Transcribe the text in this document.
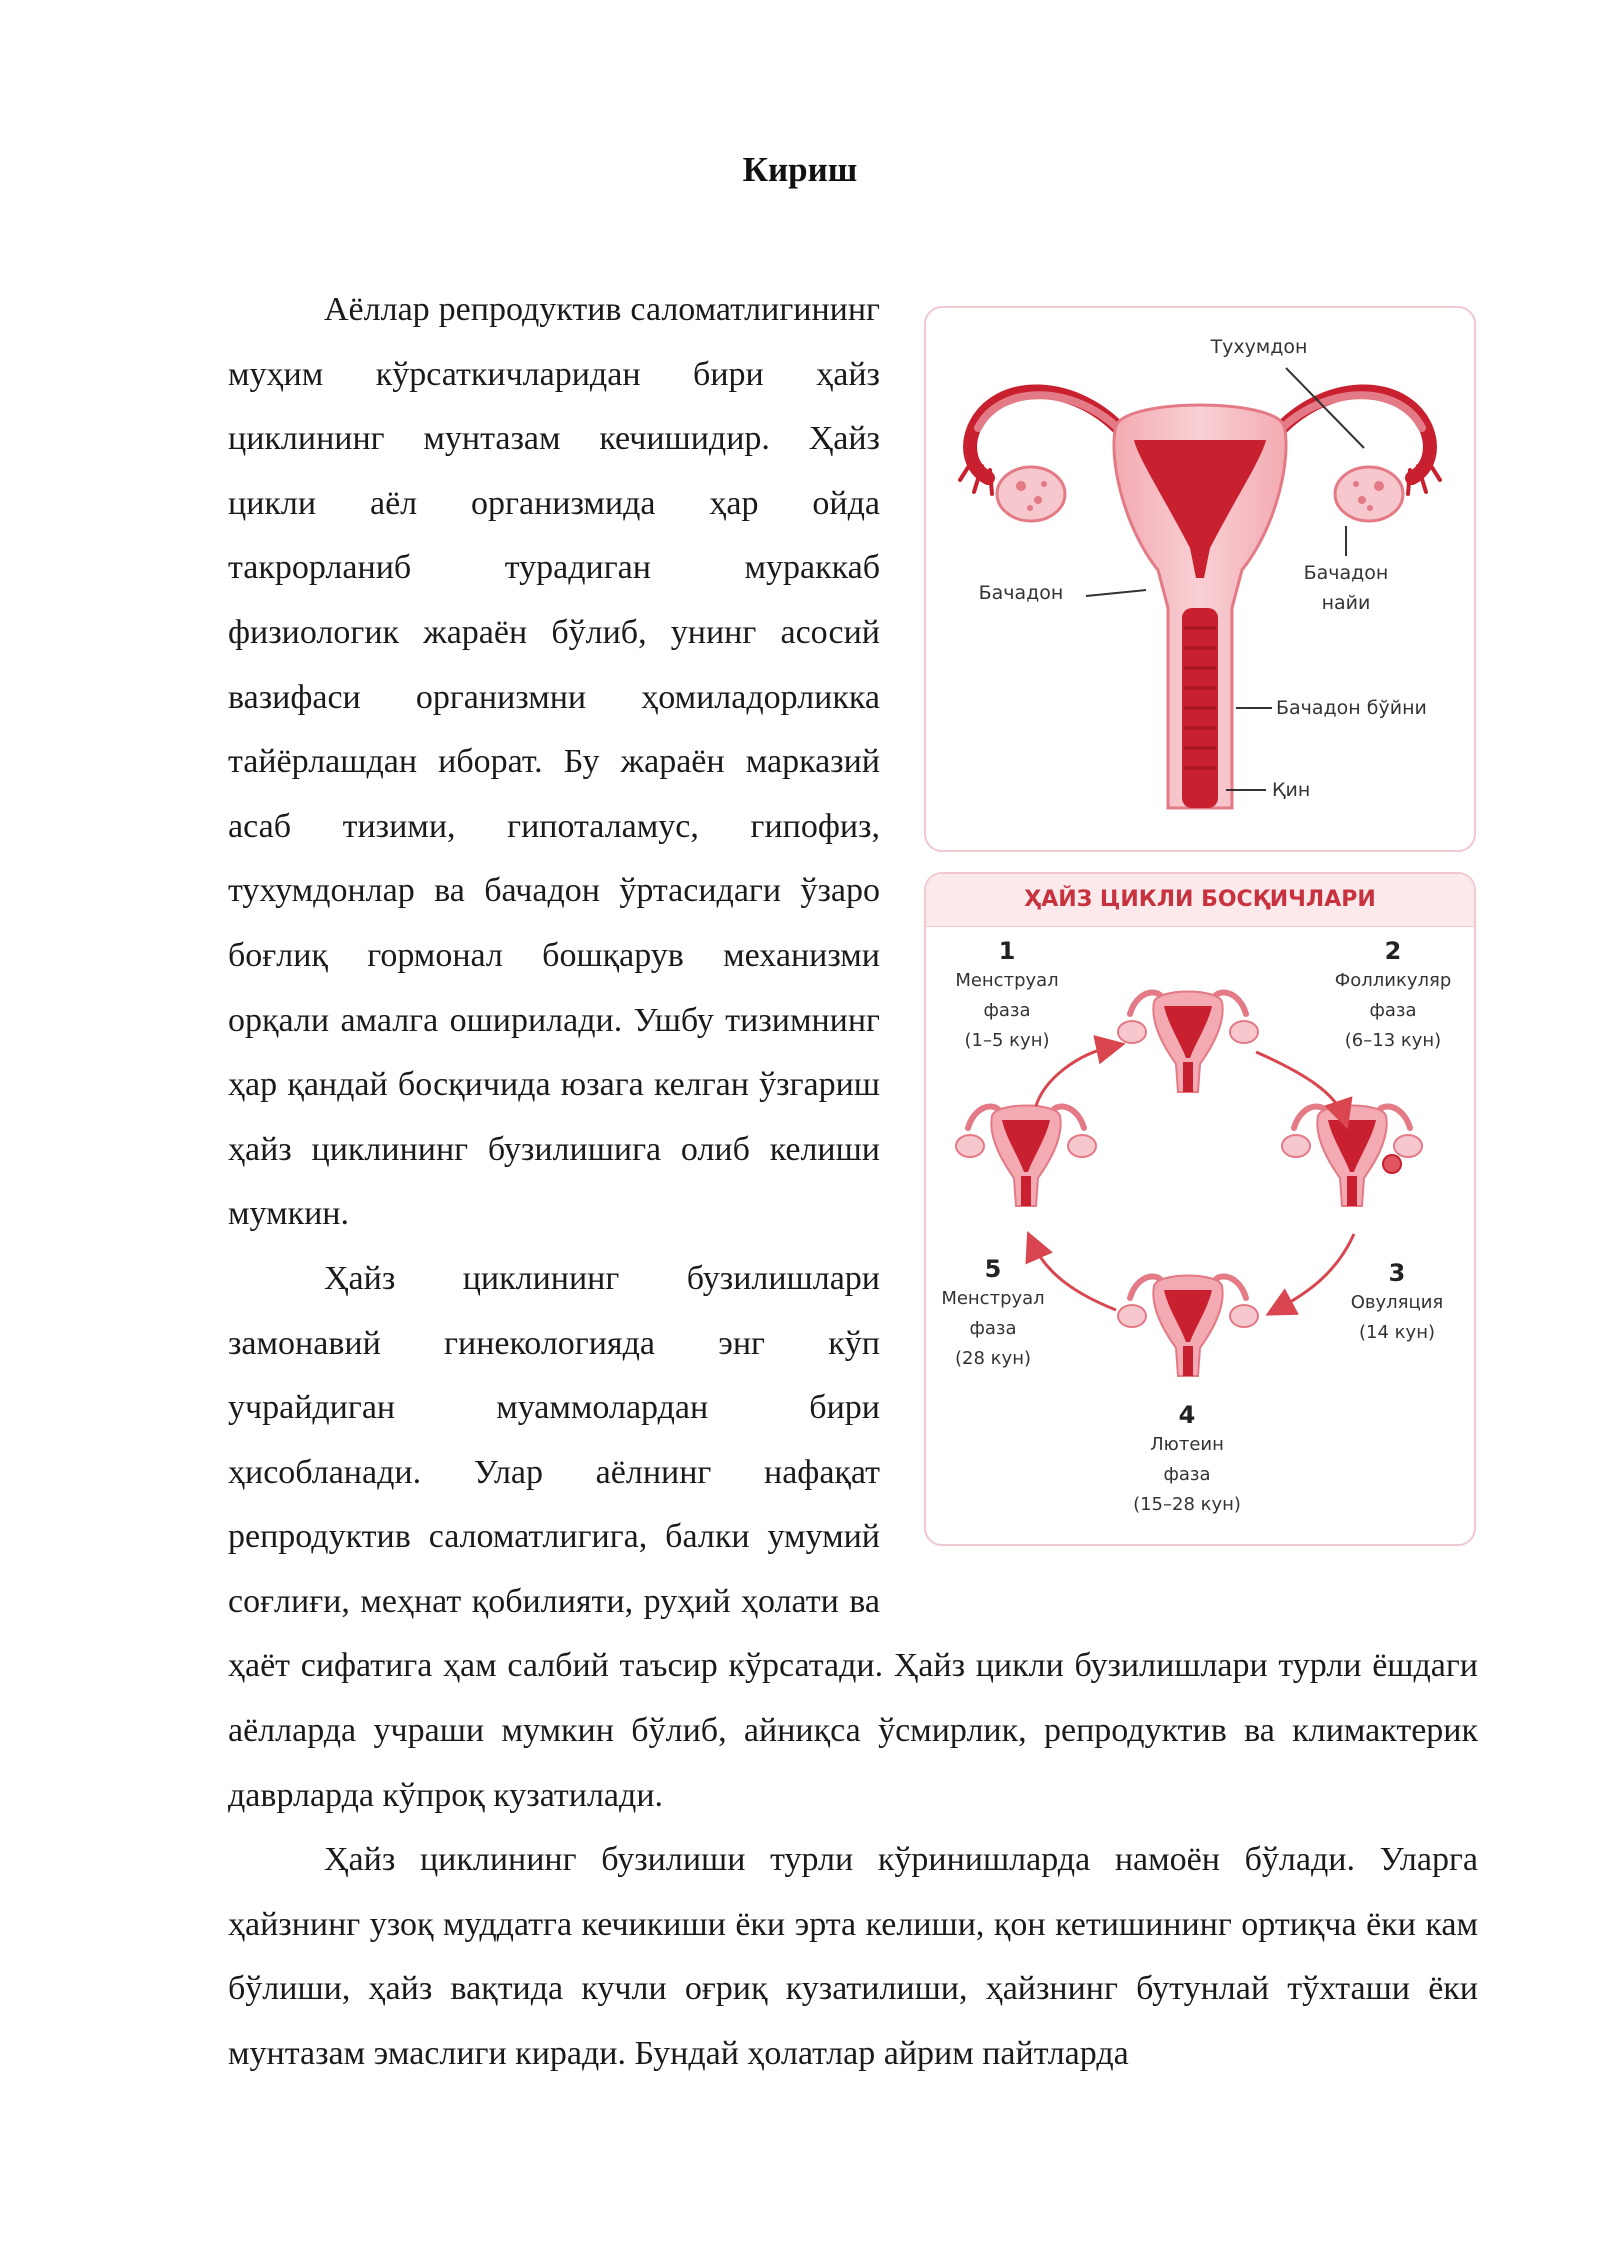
Кириш
Тухумдон
Бачадон
Бачадон
найи
Бачадон бўйни
Қин
ҲАЙЗ ЦИКЛИ БОСҚИЧЛАРИ
1
Менструал
фаза
(1–5 кун)
2
Фолликуляр
фаза
(6–13 кун)
3
Овуляция
(14 кун)
4
Лютеин
фаза
(15–28 кун)
5
Менструал
фаза
(28 кун)

Аёллар репродуктив саломатлигининг муҳим кўрсаткичларидан бири ҳайз циклининг мунтазам кечишидир. Ҳайз цикли аёл организмида ҳар ойда такрорланиб турадиган мураккаб физиологик жараён бўлиб, унинг асосий вазифаси организмни ҳомиладорликка тайёрлашдан иборат. Бу жараён марказий асаб тизими, гипоталамус, гипофиз, тухумдонлар ва бачадон ўртасидаги ўзаро боғлиқ гормонал бошқарув механизми орқали амалга оширилади. Ушбу тизимнинг ҳар қандай босқичида юзага келган ўзгариш ҳайз циклининг бузилишига олиб келиши мумкин.

Ҳайз циклининг бузилишлари замонавий гинекологияда энг кўп учрайдиган муаммолардан бири ҳисобланади. Улар аёлнинг нафақат репродуктив саломатлигига, балки умумий соғлиғи, меҳнат қобилияти, руҳий ҳолати ва ҳаёт сифатига ҳам салбий таъсир кўрсатади. Ҳайз цикли бузилишлари турли ёшдаги аёлларда учраши мумкин бўлиб, айниқса ўсмирлик, репродуктив ва климактерик даврларда кўпроқ кузатилади.

Ҳайз циклининг бузилиши турли кўринишларда намоён бўлади. Уларга ҳайзнинг узоқ муддатга кечикиши ёки эрта келиши, қон кетишининг ортиқча ёки кам бўлиши, ҳайз вақтида кучли оғриқ кузатилиши, ҳайзнинг бутунлай тўхташи ёки мунтазам эмаслиги киради. Бундай ҳолатлар айрим пайтларда
